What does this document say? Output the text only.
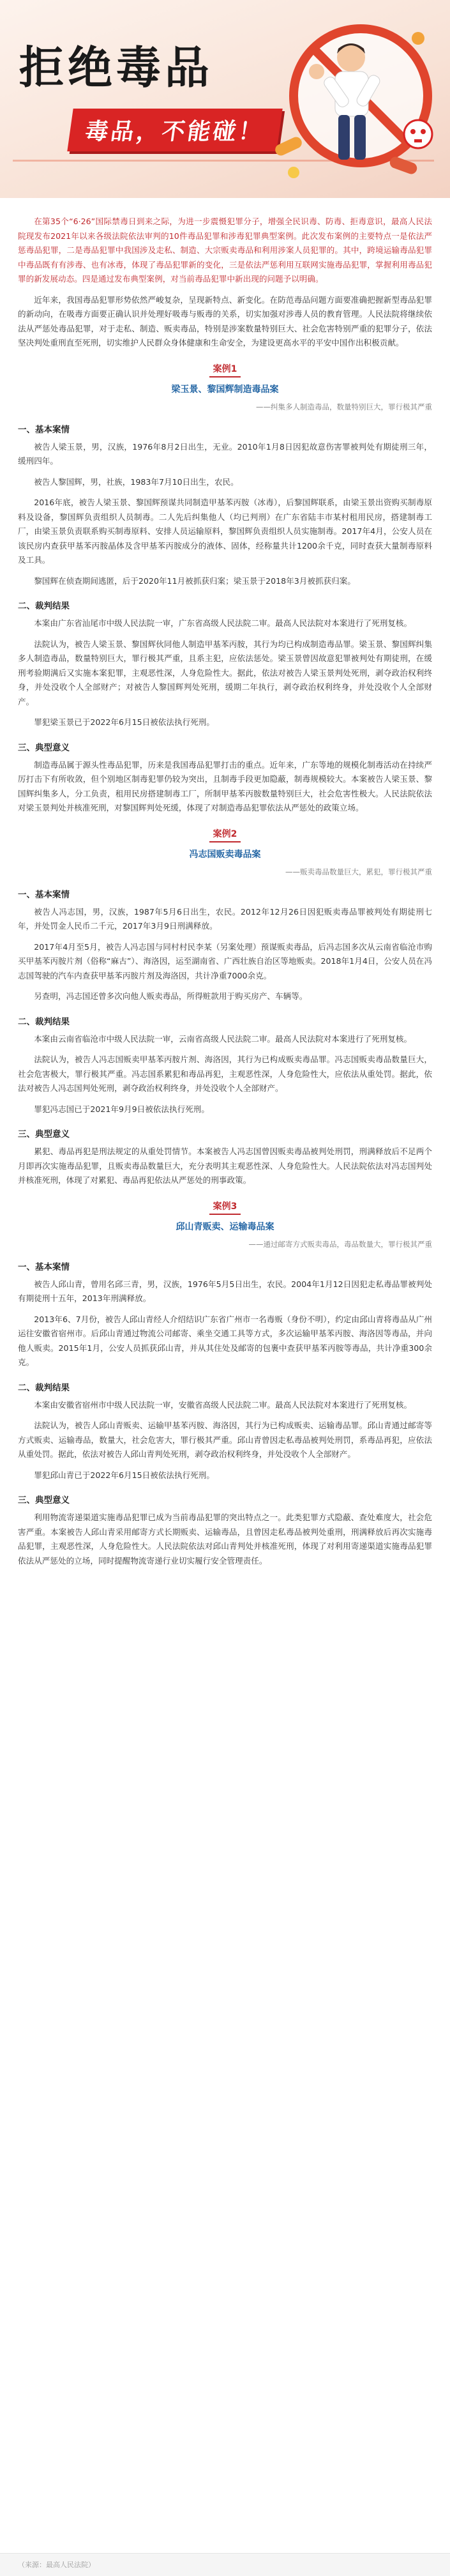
拒绝毒品
毒品，不能碰！

在第35个“6·26”国际禁毒日到来之际，为进一步震慑犯罪分子，增强全民识毒、防毒、拒毒意识，最高人民法院现发布2021年以来各级法院依法审判的10件毒品犯罪和涉毒犯罪典型案例。此次发布案例的主要特点一是依法严惩毒品犯罪，二是毒品犯罪中我国涉及走私、制造、大宗贩卖毒品和利用涉案人员犯罪的。其中，跨境运输毒品犯罪中毒品既有有涉毒、也有冰毒，体现了毒品犯罪新的变化，三是依法严惩利用互联网实施毒品犯罪，掌握利用毒品犯罪的新发展动态。四是通过发布典型案例，对当前毒品犯罪中新出现的问题予以明确。

近年来，我国毒品犯罪形势依然严峻复杂，呈现新特点、新变化。在防范毒品问题方面要准确把握新型毒品犯罪的新动向，在吸毒方面要正确认识并处理好吸毒与贩毒的关系，切实加强对涉毒人员的教育管理。人民法院将继续依法从严惩处毒品犯罪，对于走私、制造、贩卖毒品，特别是涉案数量特别巨大、社会危害特别严重的犯罪分子，依法坚决判处重刑直至死刑，切实维护人民群众身体健康和生命安全，为建设更高水平的平安中国作出积极贡献。

案例1
梁玉景、黎国辉制造毒品案
——纠集多人制造毒品，数量特别巨大，罪行极其严重
一、基本案情

被告人梁玉景，男，汉族，1976年8月2日出生，无业。2010年1月8日因犯故意伤害罪被判处有期徒刑三年，缓刑四年。

被告人黎国辉，男，社族，1983年7月10日出生，农民。

2016年底，被告人梁玉景、黎国辉预谋共同制造甲基苯丙胺（冰毒），后黎国辉联系，由梁玉景出资购买制毒原料及设备，黎国辉负责组织人员制毒。二人先后纠集他人（均已判刑）在广东省陆丰市某村租用民房，搭建制毒工厂，由梁玉景负责联系购买制毒原料、安排人员运输原料，黎国辉负责组织人员实施制毒。2017年4月，公安人员在该民房内查获甲基苯丙胺晶体及含甲基苯丙胺成分的液体、固体，经称量共计1200余千克，同时查获大量制毒原料及工具。

黎国辉在侦查期间逃匿，后于2020年11月被抓获归案；梁玉景于2018年3月被抓获归案。

二、裁判结果

本案由广东省汕尾市中级人民法院一审，广东省高级人民法院二审。最高人民法院对本案进行了死刑复核。

法院认为，被告人梁玉景、黎国辉伙同他人制造甲基苯丙胺，其行为均已构成制造毒品罪。梁玉景、黎国辉纠集多人制造毒品，数量特别巨大，罪行极其严重，且系主犯，应依法惩处。梁玉景曾因故意犯罪被判处有期徒刑，在缓刑考验期满后又实施本案犯罪，主观恶性深，人身危险性大。据此，依法对被告人梁玉景判处死刑，剥夺政治权利终身，并处没收个人全部财产；对被告人黎国辉判处死刑，缓期二年执行，剥夺政治权利终身，并处没收个人全部财产。

罪犯梁玉景已于2022年6月15日被依法执行死刑。

三、典型意义

制造毒品属于源头性毒品犯罪，历来是我国毒品犯罪打击的重点。近年来，广东等地的规模化制毒活动在持续严厉打击下有所收敛，但个别地区制毒犯罪仍较为突出，且制毒手段更加隐蔽，制毒规模较大。本案被告人梁玉景、黎国辉纠集多人，分工负责，租用民房搭建制毒工厂，所制甲基苯丙胺数量特别巨大，社会危害性极大。人民法院依法对梁玉景判处并核准死刑，对黎国辉判处死缓，体现了对制造毒品犯罪依法从严惩处的政策立场。

案例2
冯志国贩卖毒品案
——贩卖毒品数量巨大，累犯，罪行极其严重
一、基本案情

被告人冯志国，男，汉族，1987年5月6日出生，农民。2012年12月26日因犯贩卖毒品罪被判处有期徒刑七年，并处罚金人民币二千元，2017年3月9日刑满释放。

2017年4月至5月，被告人冯志国与同村村民李某（另案处理）预谋贩卖毒品，后冯志国多次从云南省临沧市购买甲基苯丙胺片剂（俗称“麻古”）、海洛因，运至湖南省、广西壮族自治区等地贩卖。2018年1月4日，公安人员在冯志国驾驶的汽车内查获甲基苯丙胺片剂及海洛因，共计净重7000余克。

另查明，冯志国还曾多次向他人贩卖毒品，所得赃款用于购买房产、车辆等。

二、裁判结果

本案由云南省临沧市中级人民法院一审，云南省高级人民法院二审。最高人民法院对本案进行了死刑复核。

法院认为，被告人冯志国贩卖甲基苯丙胺片剂、海洛因，其行为已构成贩卖毒品罪。冯志国贩卖毒品数量巨大，社会危害极大，罪行极其严重。冯志国系累犯和毒品再犯，主观恶性深，人身危险性大，应依法从重处罚。据此，依法对被告人冯志国判处死刑，剥夺政治权利终身，并处没收个人全部财产。

罪犯冯志国已于2021年9月9日被依法执行死刑。

三、典型意义

累犯、毒品再犯是刑法规定的从重处罚情节。本案被告人冯志国曾因贩卖毒品被判处刑罚，刑满释放后不足两个月即再次实施毒品犯罪，且贩卖毒品数量巨大，充分表明其主观恶性深、人身危险性大。人民法院依法对冯志国判处并核准死刑，体现了对累犯、毒品再犯依法从严惩处的刑事政策。

案例3
邱山青贩卖、运输毒品案
——通过邮寄方式贩卖毒品，毒品数量大，罪行极其严重
一、基本案情

被告人邱山青，曾用名邱三青，男，汉族，1976年5月5日出生，农民。2004年1月12日因犯走私毒品罪被判处有期徒刑十五年，2013年刑满释放。

2013年6、7月份，被告人邱山青经人介绍结识广东省广州市一名毒贩（身份不明），约定由邱山青将毒品从广州运往安徽省宿州市。后邱山青通过物流公司邮寄、乘坐交通工具等方式，多次运输甲基苯丙胺、海洛因等毒品，并向他人贩卖。2015年1月，公安人员抓获邱山青，并从其住处及邮寄的包裹中查获甲基苯丙胺等毒品，共计净重300余克。

二、裁判结果

本案由安徽省宿州市中级人民法院一审，安徽省高级人民法院二审。最高人民法院对本案进行了死刑复核。

法院认为，被告人邱山青贩卖、运输甲基苯丙胺、海洛因，其行为已构成贩卖、运输毒品罪。邱山青通过邮寄等方式贩卖、运输毒品，数量大，社会危害大，罪行极其严重。邱山青曾因走私毒品被判处刑罚，系毒品再犯，应依法从重处罚。据此，依法对被告人邱山青判处死刑，剥夺政治权利终身，并处没收个人全部财产。

罪犯邱山青已于2022年6月15日被依法执行死刑。

三、典型意义

利用物流寄递渠道实施毒品犯罪已成为当前毒品犯罪的突出特点之一。此类犯罪方式隐蔽、查处难度大，社会危害严重。本案被告人邱山青采用邮寄方式长期贩卖、运输毒品，且曾因走私毒品被判处重刑，刑满释放后再次实施毒品犯罪，主观恶性深，人身危险性大。人民法院依法对邱山青判处并核准死刑，体现了对利用寄递渠道实施毒品犯罪依法从严惩处的立场，同时提醒物流寄递行业切实履行安全管理责任。

（来源：最高人民法院）
